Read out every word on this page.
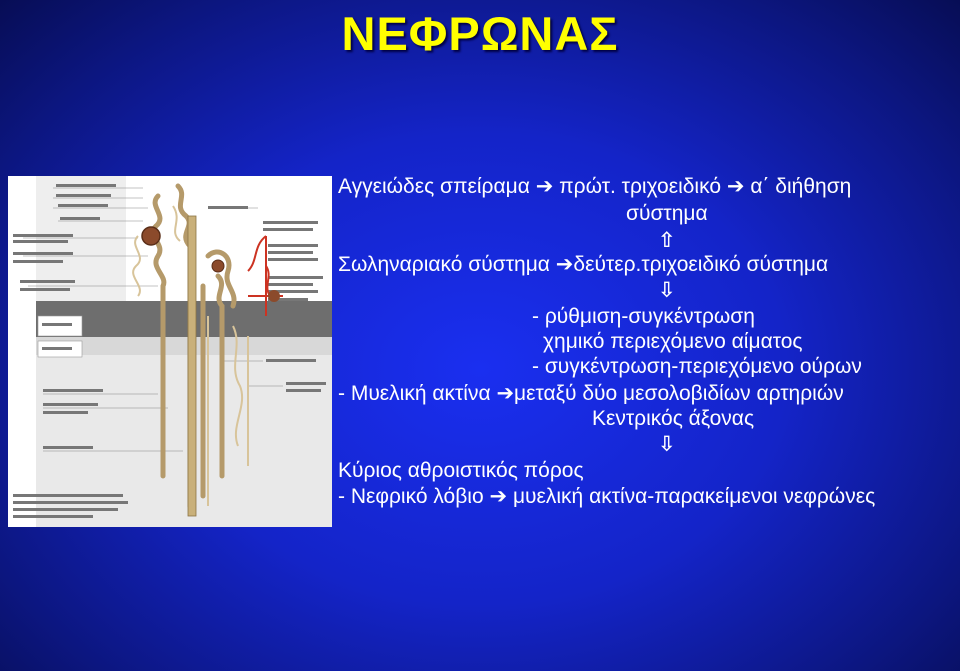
ΝΕΦΡΩΝΑΣ
Αγγειώδες σπείραμα ➔ πρώτ. τριχοειδικό ➔ α΄ διήθηση
σύστημα
⇧
Σωληναριακό σύστημα ➔δεύτερ.τριχοειδικό σύστημα
⇩
- ρύθμιση-συγκέντρωση
χημικό περιεχόμενο αίματος
- συγκέντρωση-περιεχόμενο ούρων
- Μυελική ακτίνα ➔μεταξύ δύο μεσολοβιδίων αρτηριών
Κεντρικός άξονας
⇩
Κύριος αθροιστικός πόρος
- Νεφρικό λόβιο ➔ μυελική ακτίνα-παρακείμενοι νεφρώνες
